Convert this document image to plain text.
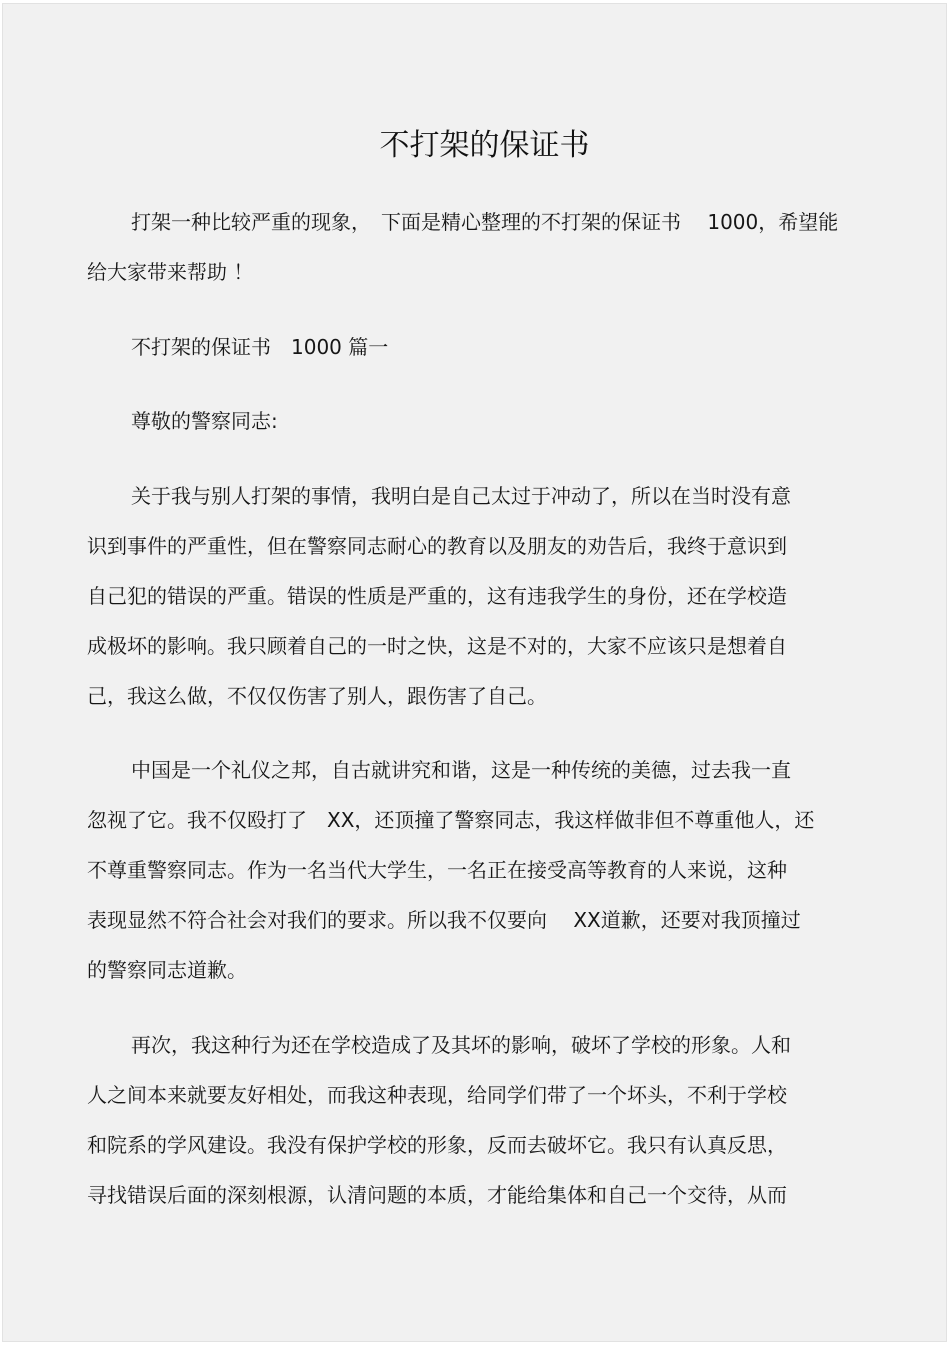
不打架的保证书
打架一种比较严重的现象，　下面是精心整理的不打架的保证书　 1000，希望能
给大家带来帮助 ！
不打架的保证书　1000 篇一
尊敬的警察同志:
关于我与别人打架的事情，我明白是自己太过于冲动了，所以在当时没有意
识到事件的严重性，但在警察同志耐心的教育以及朋友的劝告后，我终于意识到
自己犯的错误的严重。错误的性质是严重的，这有违我学生的身份，还在学校造
成极坏的影响。我只顾着自己的一时之快，这是不对的，大家不应该只是想着自
己，我这么做，不仅仅伤害了别人，跟伤害了自己。
中国是一个礼仪之邦，自古就讲究和谐，这是一种传统的美德，过去我一直
忽视了它。我不仅殴打了　XX，还顶撞了警察同志，我这样做非但不尊重他人，还
不尊重警察同志。作为一名当代大学生，一名正在接受高等教育的人来说，这种
表现显然不符合社会对我们的要求。所以我不仅要向　 XX道歉，还要对我顶撞过
的警察同志道歉。
再次，我这种行为还在学校造成了及其坏的影响，破坏了学校的形象。人和
人之间本来就要友好相处，而我这种表现，给同学们带了一个坏头，不利于学校
和院系的学风建设。我没有保护学校的形象，反而去破坏它。我只有认真反思，
寻找错误后面的深刻根源，认清问题的本质，才能给集体和自己一个交待，从而
